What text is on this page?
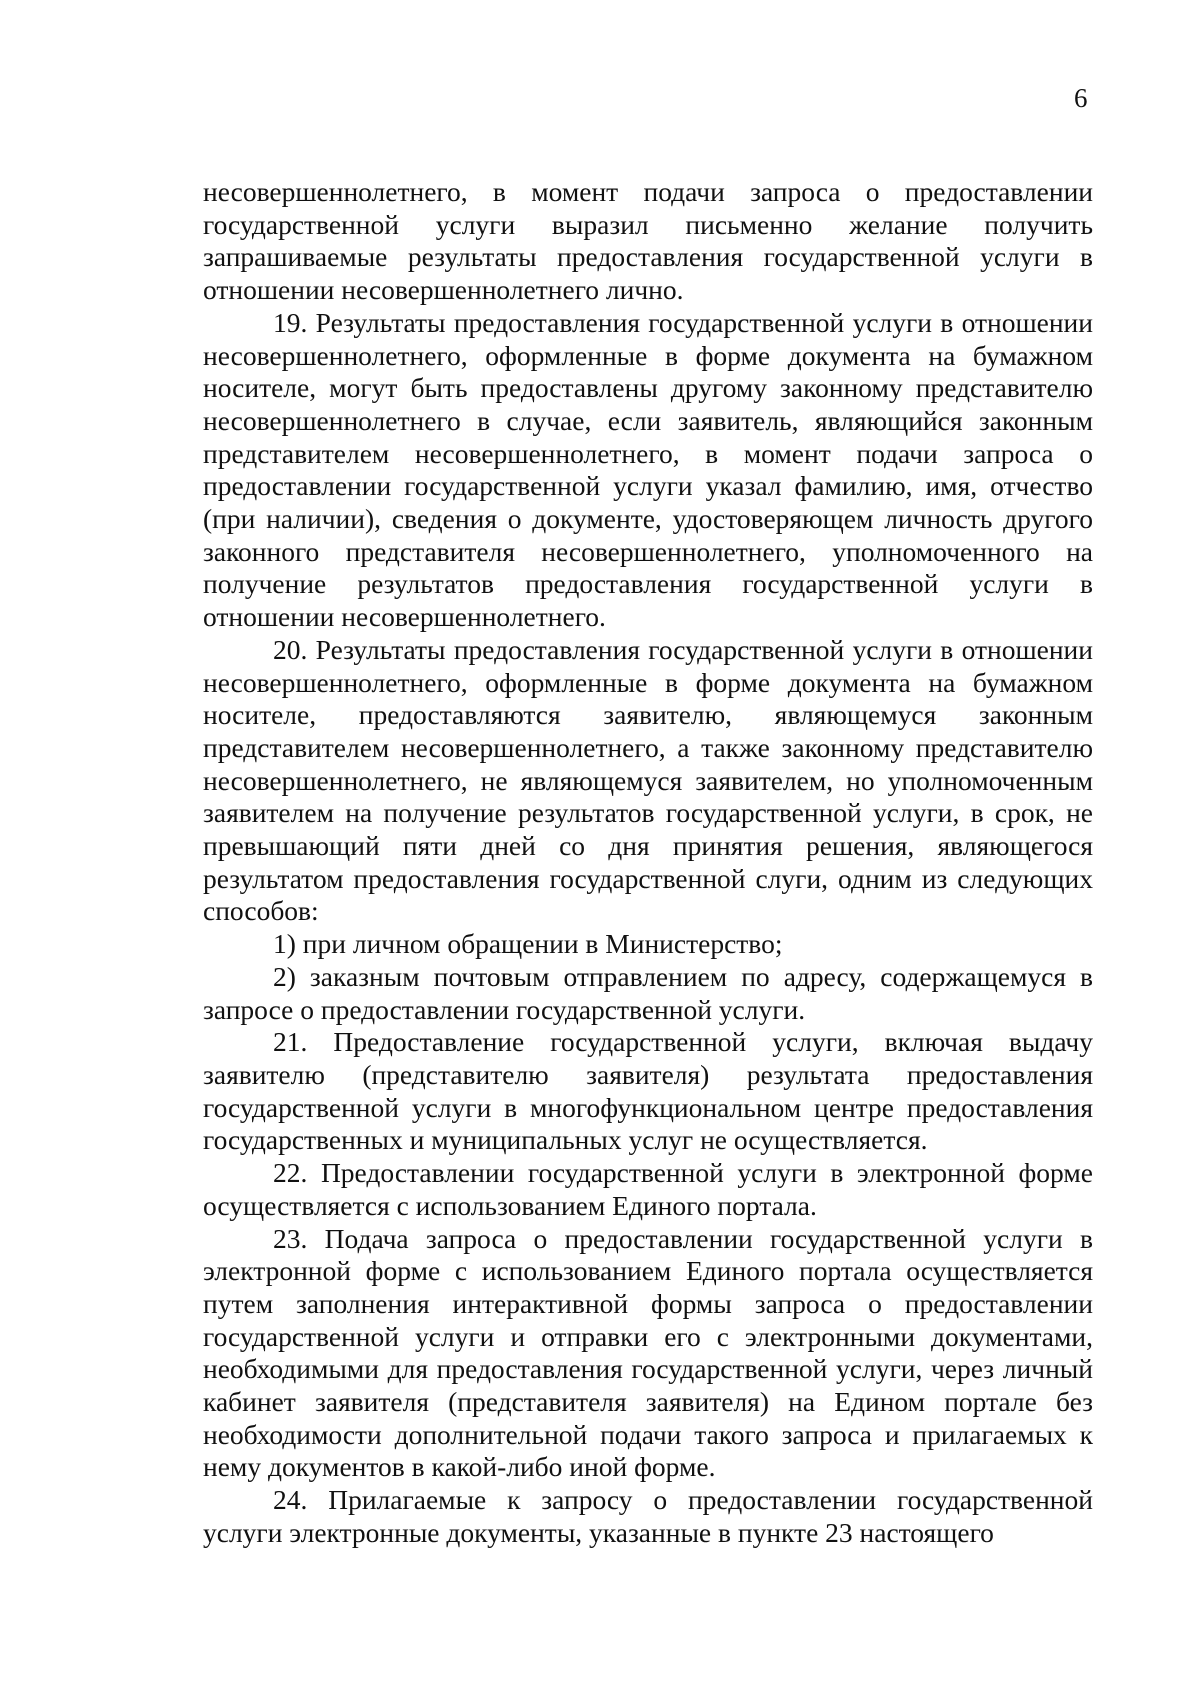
6

несовершеннолетнего, в момент подачи запроса о предоставлении государственной услуги выразил письменно желание получить запрашиваемые результаты предоставления государственной услуги в отношении несовершеннолетнего лично.

19. Результаты предоставления государственной услуги в отношении несовершеннолетнего, оформленные в форме документа на бумажном носителе, могут быть предоставлены другому законному представителю несовершеннолетнего в случае, если заявитель, являющийся законным представителем несовершеннолетнего, в момент подачи запроса о предоставлении государственной услуги указал фамилию, имя, отчество (при наличии), сведения о документе, удостоверяющем личность другого законного представителя несовершеннолетнего, уполномоченного на получение результатов предоставления государственной услуги в отношении несовершеннолетнего.

20. Результаты предоставления государственной услуги в отношении несовершеннолетнего, оформленные в форме документа на бумажном носителе, предоставляются заявителю, являющемуся законным представителем несовершеннолетнего, а также законному представителю несовершеннолетнего, не являющемуся заявителем, но уполномоченным заявителем на получение результатов государственной услуги, в срок, не превышающий пяти дней со дня принятия решения, являющегося результатом предоставления государственной слуги, одним из следующих способов:

1) при личном обращении в Министерство;

2) заказным почтовым отправлением по адресу, содержащемуся в запросе о предоставлении государственной услуги.

21. Предоставление государственной услуги, включая выдачу заявителю (представителю заявителя) результата предоставления государственной услуги в многофункциональном центре предоставления государственных и муниципальных услуг не осуществляется.

22. Предоставлении государственной услуги в электронной форме осуществляется с использованием Единого портала.

23. Подача запроса о предоставлении государственной услуги в электронной форме с использованием Единого портала осуществляется путем заполнения интерактивной формы запроса о предоставлении государственной услуги и отправки его с электронными документами, необходимыми для предоставления государственной услуги, через личный кабинет заявителя (представителя заявителя) на Едином портале без необходимости дополнительной подачи такого запроса и прилагаемых к нему документов в какой-либо иной форме.

24. Прилагаемые к запросу о предоставлении государственной услуги электронные документы, указанные в пункте 23 настоящего
